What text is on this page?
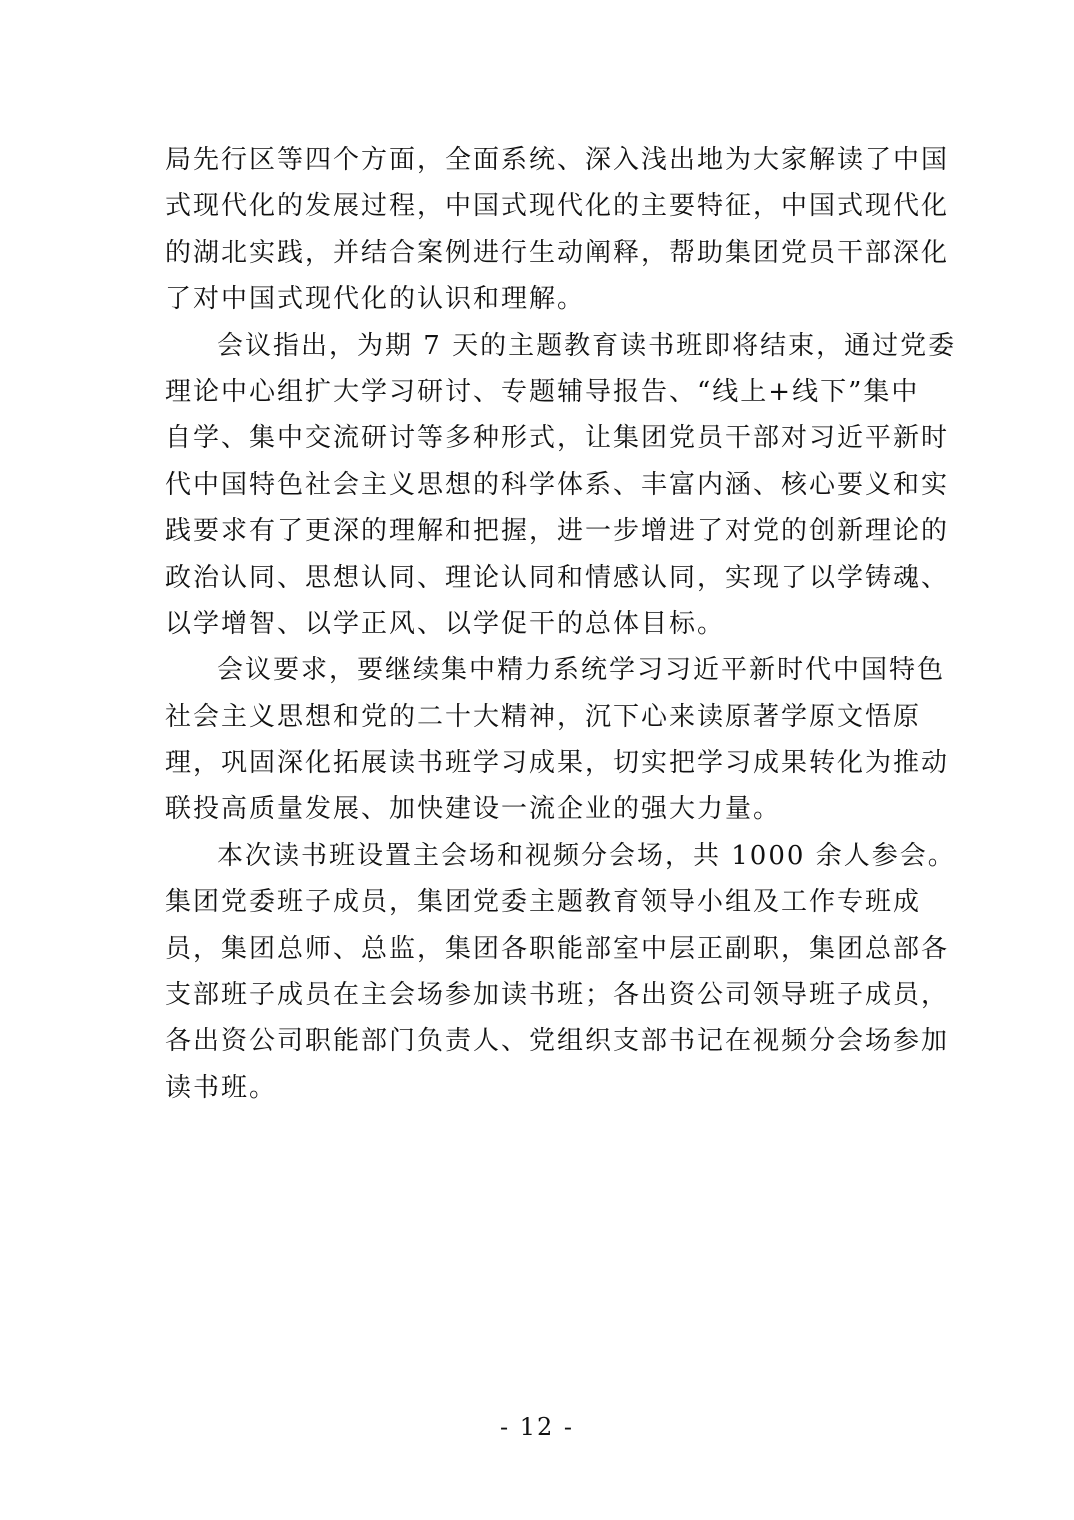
局先行区等四个方面，全面系统、深入浅出地为大家解读了中国
式现代化的发展过程，中国式现代化的主要特征，中国式现代化
的湖北实践，并结合案例进行生动阐释，帮助集团党员干部深化
了对中国式现代化的认识和理解。
会议指出，为期 7 天的主题教育读书班即将结束，通过党委
理论中心组扩大学习研讨、专题辅导报告、“线上+线下”集中
自学、集中交流研讨等多种形式，让集团党员干部对习近平新时
代中国特色社会主义思想的科学体系、丰富内涵、核心要义和实
践要求有了更深的理解和把握，进一步增进了对党的创新理论的
政治认同、思想认同、理论认同和情感认同，实现了以学铸魂、
以学增智、以学正风、以学促干的总体目标。
会议要求，要继续集中精力系统学习习近平新时代中国特色
社会主义思想和党的二十大精神，沉下心来读原著学原文悟原
理，巩固深化拓展读书班学习成果，切实把学习成果转化为推动
联投高质量发展、加快建设一流企业的强大力量。
本次读书班设置主会场和视频分会场，共 1000 余人参会。
集团党委班子成员，集团党委主题教育领导小组及工作专班成
员，集团总师、总监，集团各职能部室中层正副职，集团总部各
支部班子成员在主会场参加读书班；各出资公司领导班子成员，
各出资公司职能部门负责人、党组织支部书记在视频分会场参加
读书班。
- 12 -
